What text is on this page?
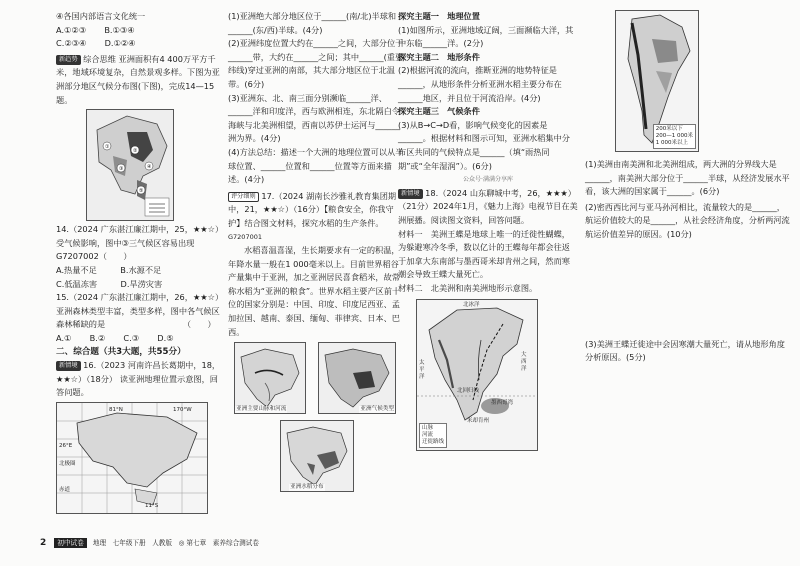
④各国内部语言文化统一

A.①②③ B.①③④

C.②③④ D.①②④

新趋势 综合思维 亚洲面积有4 400万平方千米，地域环境复杂，自然景观多样。下图为亚洲部分地区气候分布图(下图)，完成14—15题。

①
②
③	④
⑤

14.（2024 广东湛江廉江期中，25，★★☆）受气候影响，图中③三气候区容易出现　G7207002（　　）

A.热量不足	B.水源不足

C.低温冻害	D.旱涝灾害

15.（2024 广东湛江廉江期中，26，★★☆）亚洲森林类型丰富，类型多样，图中各气候区森林稀缺的是　　　　　　　　　　（　　）

A.① B.② C.③ D.⑤

二、综合题（共3大题，共55分）

新情境 16.（2023 河南许昌长葛期中，18，★★☆）（18分） 读亚洲地理位置示意图，回答问题。

81°N	170°W
26°E
北极圈
赤道
11°S

(1)亚洲绝大部分地区位于______(南/北)半球和______(东/西)半球。(4分)

(2)亚洲纬度位置大约在______之间，大部分位于______带，大约在______之间；其中______(重要纬线)穿过亚洲的南部，其大部分地区位于北温带。(6分)

(3)亚洲东、北、南三面分别濒临______洋、______洋和印度洋，西与欧洲相连，东北隔白令海峡与北美洲相望，西南以苏伊士运河与______洲为界。(4分)

(4)方法总结：描述一个大洲的地理位置可以从半球位置、______位置和______位置等方面来描述。(4分)

评分细则 17.（2024 湖南长沙雅礼教育集团期中，21，★★☆）（16分）【粮食安全，你我守护】结合图文材料，探究水稻的生产条件。

G7207001

水稻喜温喜湿，生长期要求有一定的积温，年降水量一般在1 000毫米以上。目前世界稻谷产量集中于亚洲，加之亚洲居民喜食稻米，故常称水稻为“亚洲的粮食”。世界水稻主要产区前十位的国家分别是：中国、印度、印度尼西亚、孟加拉国、越南、泰国、缅甸、菲律宾、日本、巴西。

亚洲主要山脉和河流	亚洲气候类型
亚洲水稻分布

探究主题一　地理位置

(1)如图所示，亚洲地域辽阔，三面濒临大洋，其中东临______洋。(2分)

探究主题二　地形条件

(2)根据河流的流向，推断亚洲的地势特征是______，从地形条件分析亚洲水稻主要分布在______地区，并且位于河流沿岸。(4分)

探究主题三　气候条件

(3)从B→C→D看，影响气候变化的因素是______。根据材料和图示可知，亚洲水稻集中分布区共同的气候特点是______（填“雨热同期”或“全年湿润”）。(6分)

公众号·满满分享库

新情境 18.（2024 山东聊城中考，26，★★★）（21分）2024年1月，《魅力上海》电视节目在美洲展播。阅读图文资料，回答问题。

材料一　美洲王蝶是地球上唯一的迁徙性蝴蝶，为躲避寒冷冬季，数以亿计的王蝶每年都会往返于加拿大东南部与墨西哥米却肯州之间，然而寒潮会导致王蝶大量死亡。

材料二　北美洲和南美洲地形示意图。

北冰洋
太平洋
大西洋
北回归线
墨西哥湾
米却肯州
山脉
河流
迁徙路线
200米以下
200—1 000米
1 000米以上

(1)美洲由南美洲和北美洲组成，两大洲的分界线大是______，南美洲大部分位于______半球，从经济发展水平看，该大洲的国家属于______。(6分)

(2)密西西比河与亚马孙河相比，流量较大的是______，航运价值较大的是______，从社会经济角度，分析两河流航运价值差异的原因。(10分)

(3)美洲王蝶迁徙途中会因寒潮大量死亡，请从地形角度分析原因。(5分)

2 初中试卷 地理　七年级下册　人教版　◎ 第七章　素养综合测试卷
